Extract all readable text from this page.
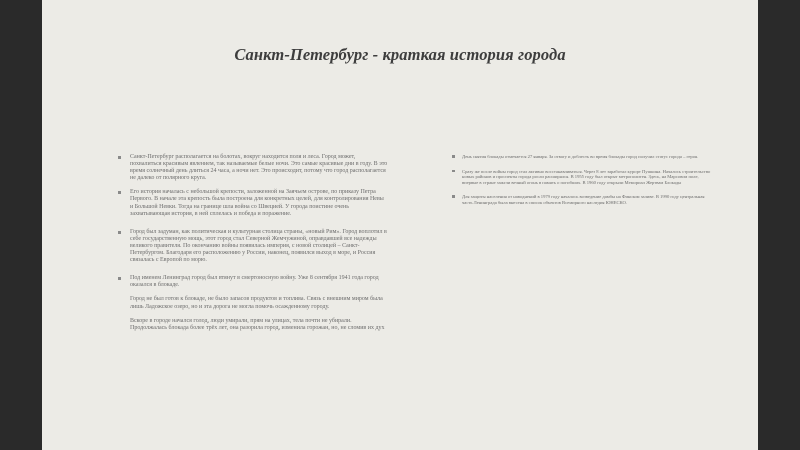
Санкт-Петербург - краткая история города

Санкт-Петербург располагается на болотах, вокруг находится поля и леса. Город может, похвалиться красивым явлением, так называемые белые ночи. Это самые красивые дни в году. В это время солнечный день длиться 24 часа, а ночи нет. Это происходит, потому что город располагается не далеко от полярного круга.

Его история началась с небольшой крепости, заложенной на Заячьем острове, по приказу Петра Первого. В начале эта крепость была построена для конкретных целей, для контролирования Невы и Большой Невки. Тогда на границе шла война со Швецией. У города поистине очень захватывающая история, в ней сплелась и победа и поражение.

Город был задуман, как политическая и культурная столица страны, «новый Рим». Город воплотил в себе государственную мощь, этот город стал Северной Жемчужиной, оправдавшей все надежды великого правителя. По окончанию войны появилась империя, с новой столицей – Санкт-Петербургом. Благодаря его расположению у России, наконец, появился выход в море, и Россия связалась с Европой по морю.

Под именем Ленинград город был втянут в смертоносную войну. Уже 8 сентября 1941 года город оказался в блокаде.

Город не был готов к блокаде, не было запасов продуктов и топлива. Связь с внешним миром была лишь Ладожское озеро, но и эта дорога не могла помочь осажденному городу.

Вскоре в городе начался голод, люди умирали, прям на улицах, тела почти не убирали. Продолжалась блокада более трёх лет, она разорила город, изменила горожан, но, не сломив их дух

День снятия блокады отмечается 27 января. За отвагу и доблесть во время блокады город получил статус города – героя.

Сразу же после войны город стал активно восстанавливаться. Через 8 лет заработал курорт Пушкина. Началось строительство новых районов и проспекты города росли расширялся. В 1955 году был открыт метрополитен. Здесь, на Марсовом поле, впервые в стране зажгли вечный огонь в память о погибших. В 1960 году открыли Мемориал Жертвам Блокады

Для защиты населения от наводнений в 1979 году началось возведение дамбы на Финском заливе. В 1990 году центральная часть Ленинграда была внесена в список объектов Всемирного наследия ЮНЕСКО.
